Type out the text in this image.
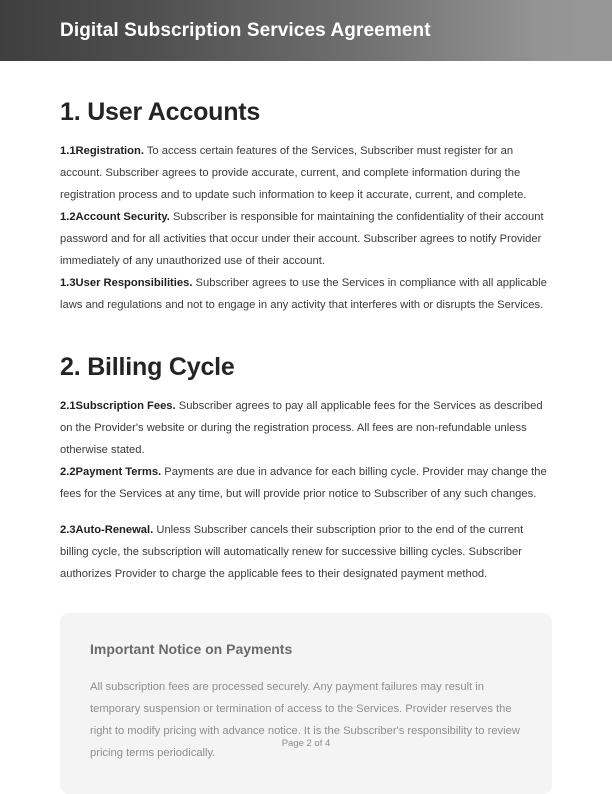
Digital Subscription Services Agreement
1. User Accounts

1.1Registration. To access certain features of the Services, Subscriber must register for an account. Subscriber agrees to provide accurate, current, and complete information during the registration process and to update such information to keep it accurate, current, and complete.

1.2Account Security. Subscriber is responsible for maintaining the confidentiality of their account password and for all activities that occur under their account. Subscriber agrees to notify Provider immediately of any unauthorized use of their account.

1.3User Responsibilities. Subscriber agrees to use the Services in compliance with all applicable laws and regulations and not to engage in any activity that interferes with or disrupts the Services.

2. Billing Cycle

2.1Subscription Fees. Subscriber agrees to pay all applicable fees for the Services as described on the Provider's website or during the registration process. All fees are non-refundable unless otherwise stated.

2.2Payment Terms. Payments are due in advance for each billing cycle. Provider may change the fees for the Services at any time, but will provide prior notice to Subscriber of any such changes.

2.3Auto-Renewal. Unless Subscriber cancels their subscription prior to the end of the current billing cycle, the subscription will automatically renew for successive billing cycles. Subscriber authorizes Provider to charge the applicable fees to their designated payment method.

Important Notice on Payments
All subscription fees are processed securely. Any payment failures may result in temporary suspension or termination of access to the Services. Provider reserves the right to modify pricing with advance notice. It is the Subscriber's responsibility to review pricing terms periodically.
Page 2 of 4
